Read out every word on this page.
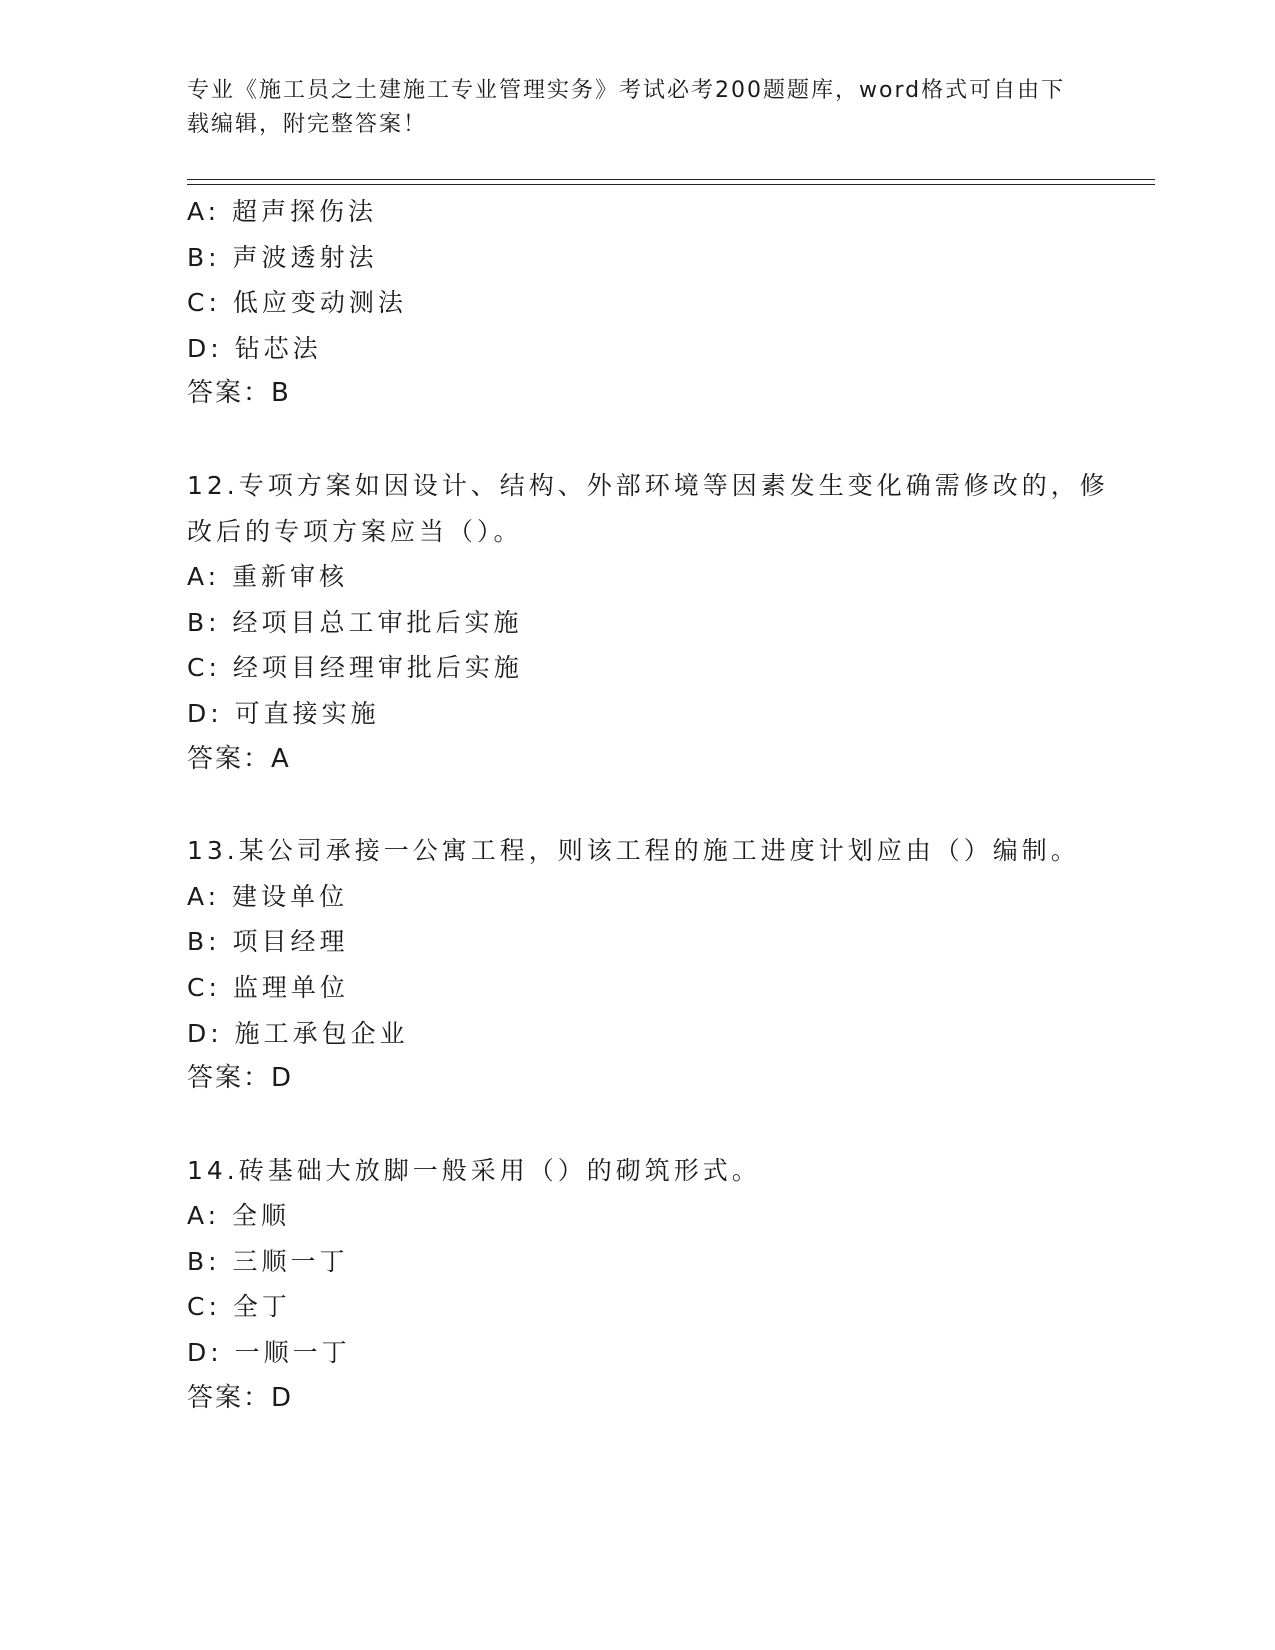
专业《施工员之土建施工专业管理实务》考试必考200题题库，word格式可自由下载编辑，附完整答案！
A: 超声探伤法
B: 声波透射法
C: 低应变动测法
D: 钻芯法
答案：B
12.专项方案如因设计、结构、外部环境等因素发生变化确需修改的，修改后的专项方案应当（）。
A: 重新审核
B: 经项目总工审批后实施
C: 经项目经理审批后实施
D: 可直接实施
答案：A
13.某公司承接一公寓工程，则该工程的施工进度计划应由（）编制。
A: 建设单位
B: 项目经理
C: 监理单位
D: 施工承包企业
答案：D
14.砖基础大放脚一般采用（）的砌筑形式。
A: 全顺
B: 三顺一丁
C: 全丁
D: 一顺一丁
答案：D
